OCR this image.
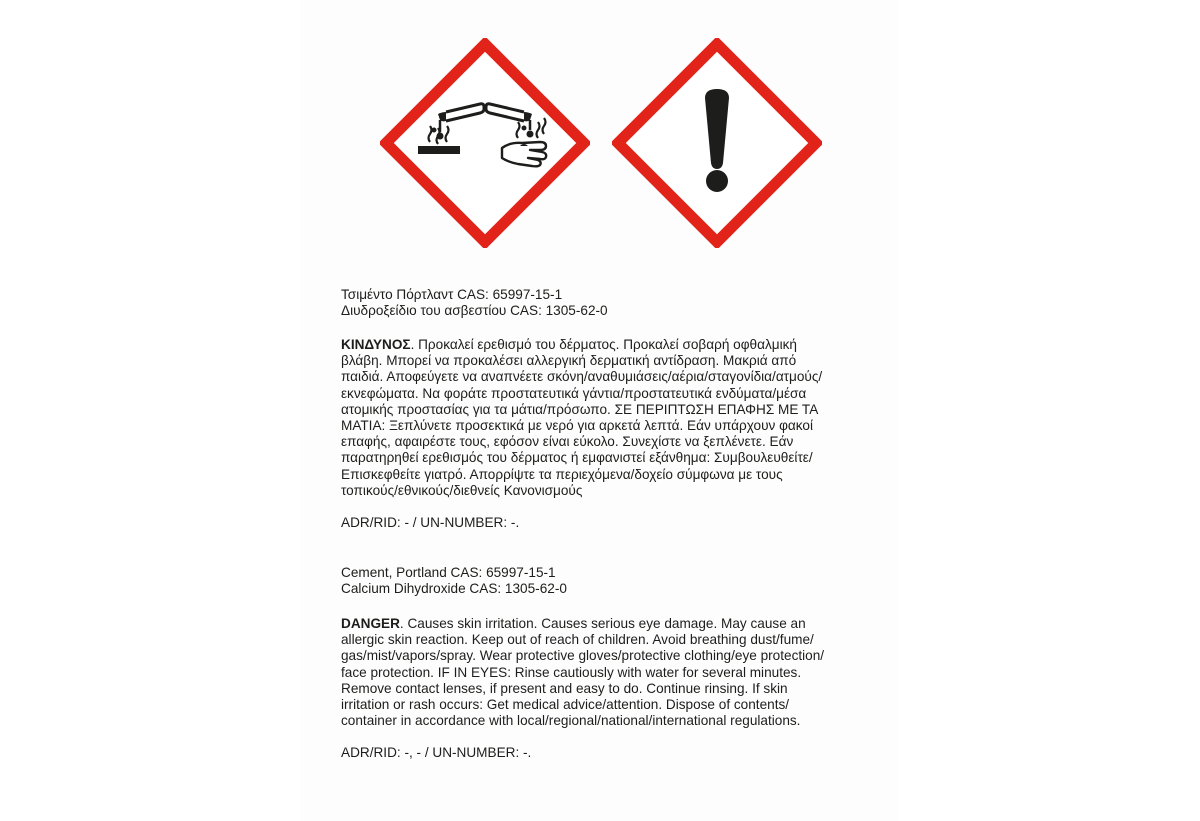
Τσιμέντο Πόρτλαντ CAS: 65997-15-1

Διυδροξείδιο του ασβεστίου CAS: 1305-62-0

ΚΙΝΔΥΝΟΣ. Προκαλεί ερεθισμό του δέρματος. Προκαλεί σοβαρή οφθαλμική

βλάβη. Μπορεί να προκαλέσει αλλεργική δερματική αντίδραση. Μακριά από

παιδιά. Αποφεύγετε να αναπνέετε σκόνη/αναθυμιάσεις/αέρια/σταγονίδια/ατμούς/

εκνεφώματα. Να φοράτε προστατευτικά γάντια/προστατευτικά ενδύματα/μέσα

ατομικής προστασίας για τα μάτια/πρόσωπο. ΣΕ ΠΕΡΙΠΤΩΣΗ ΕΠΑΦΗΣ ΜΕ ΤΑ

ΜΑΤΙΑ: Ξεπλύνετε προσεκτικά με νερό για αρκετά λεπτά. Εάν υπάρχουν φακοί

επαφής, αφαιρέστε τους, εφόσον είναι εύκολο. Συνεχίστε να ξεπλένετε. Εάν

παρατηρηθεί ερεθισμός του δέρματος ή εμφανιστεί εξάνθημα: Συμβουλευθείτε/

Επισκεφθείτε γιατρό. Απορρίψτε τα περιεχόμενα/δοχείο σύμφωνα με τους

τοπικούς/εθνικούς/διεθνείς Κανονισμούς

ADR/RID: - / UN-NUMBER: -.

Cement, Portland CAS: 65997-15-1

Calcium Dihydroxide CAS: 1305-62-0

DANGER. Causes skin irritation. Causes serious eye damage. May cause an

allergic skin reaction. Keep out of reach of children. Avoid breathing dust/fume/

gas/mist/vapors/spray. Wear protective gloves/protective clothing/eye protection/

face protection. IF IN EYES: Rinse cautiously with water for several minutes.

Remove contact lenses, if present and easy to do. Continue rinsing. If skin

irritation or rash occurs: Get medical advice/attention. Dispose of contents/

container in accordance with local/regional/national/international regulations.

ADR/RID: -, - / UN-NUMBER: -.
